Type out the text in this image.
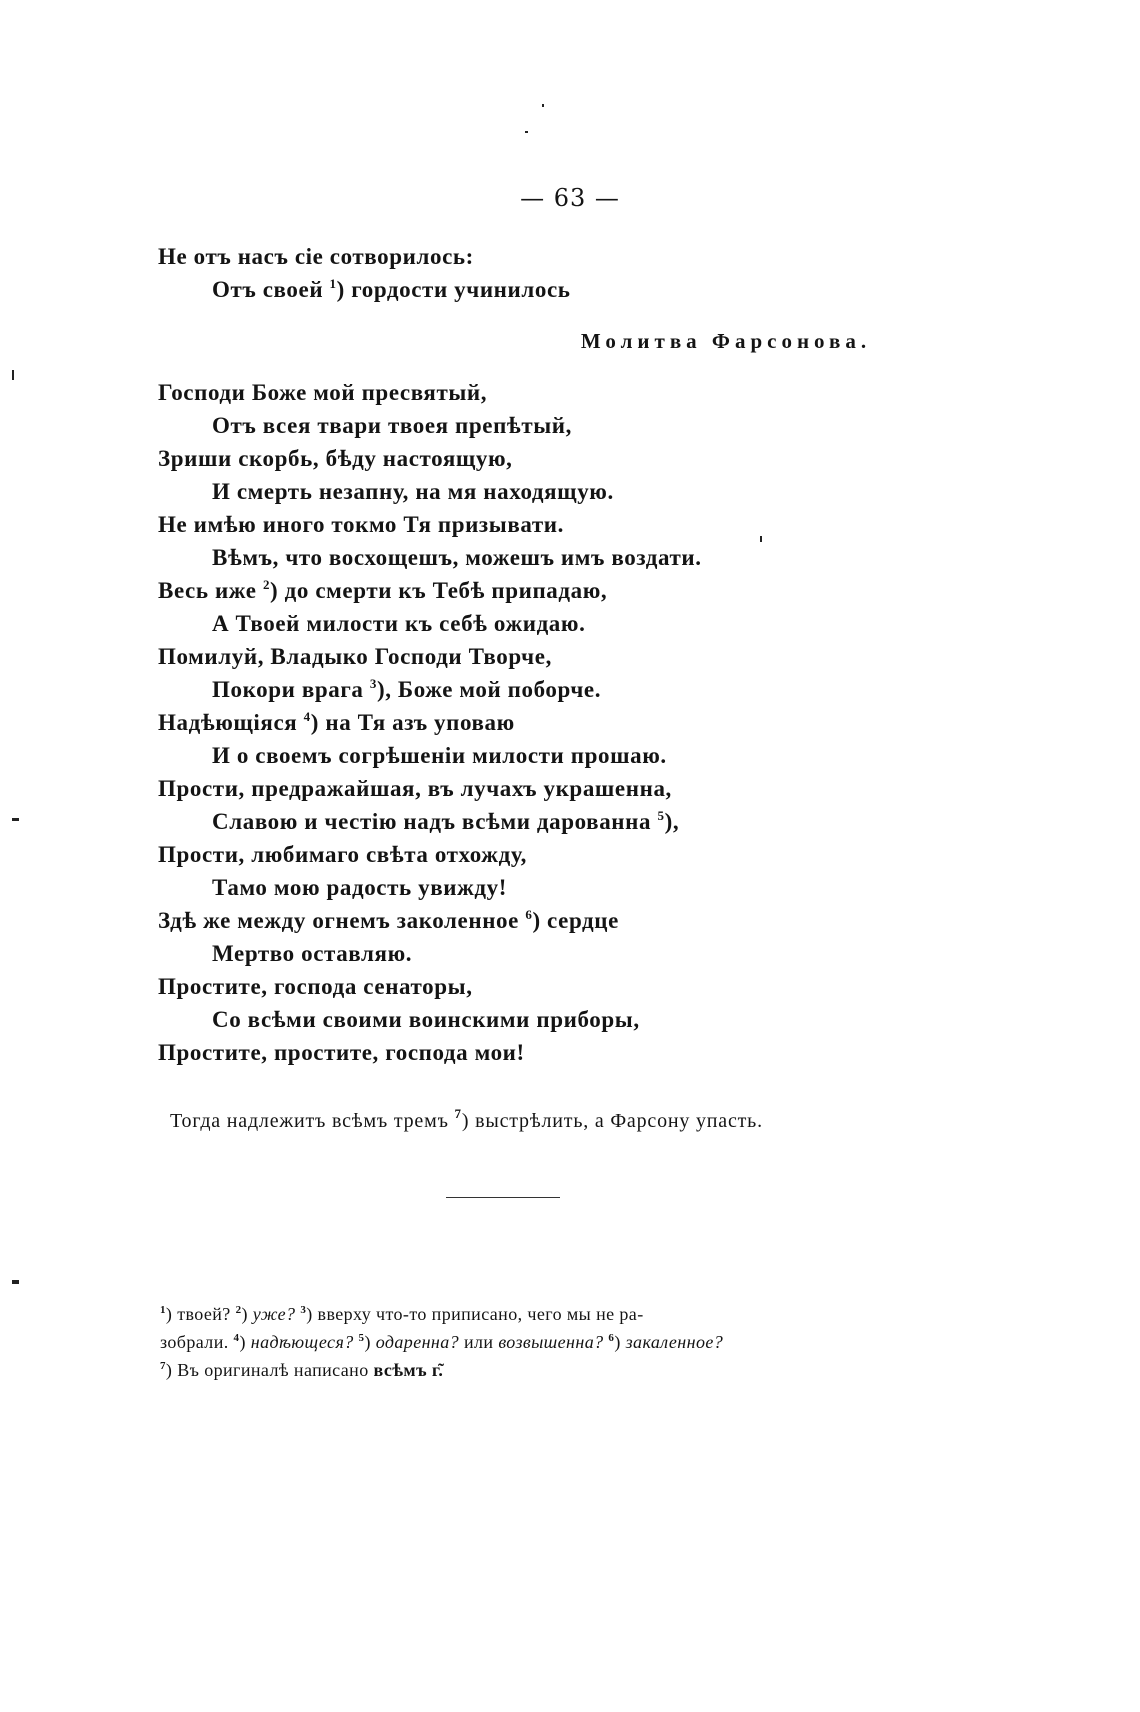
— 63 —
Не отъ насъ сіе сотворилось:
Отъ своей $^1$) гордости учинилось
Молитва Фарсонова.
Господи Боже мой пресвятый,
Отъ всея твари твоея препѣтый,
Зриши скорбь, бѣду настоящую,
И смерть незапну, на мя находящую.
Не имѣю иного токмо Тя призывати.
Вѣмъ, что восхощешъ, можешъ имъ воздати.
Весь иже $^2$) до смерти къ Тебѣ припадаю,
А Твоей милости къ себѣ ожидаю.
Помилуй, Владыко Господи Творче,
Покори врага $^3$), Боже мой поборче.
Надѣющіяся $^4$) на Тя азъ уповаю
И о своемъ согрѣшеніи милости прошаю.
Прости, предражайшая, въ лучахъ украшенна,
Славою и честію надъ всѣми дарованна $^5$),
Прости, любимаго свѣта отхожду,
Тамо мою радость увижду!
Здѣ же между огнемъ заколенное $^6$) сердце
Мертво оставляю.
Простите, господа сенаторы,
Со всѣми своими воинскими приборы,
Простите, простите, господа мои!
Тогда надлежитъ всѣмъ тремъ $^7$) выстрѣлить, а Фарсону упасть.
$^1$) твоей? $^2$) уже? $^3$) вверху что-то приписано, чего мы не ра-
зобрали. $^4$) надѣющеся? $^5$) одаренна? или возвышенна? $^6$) закаленное?
$^7$) Въ оригиналѣ написано всѣмъ г̃.
